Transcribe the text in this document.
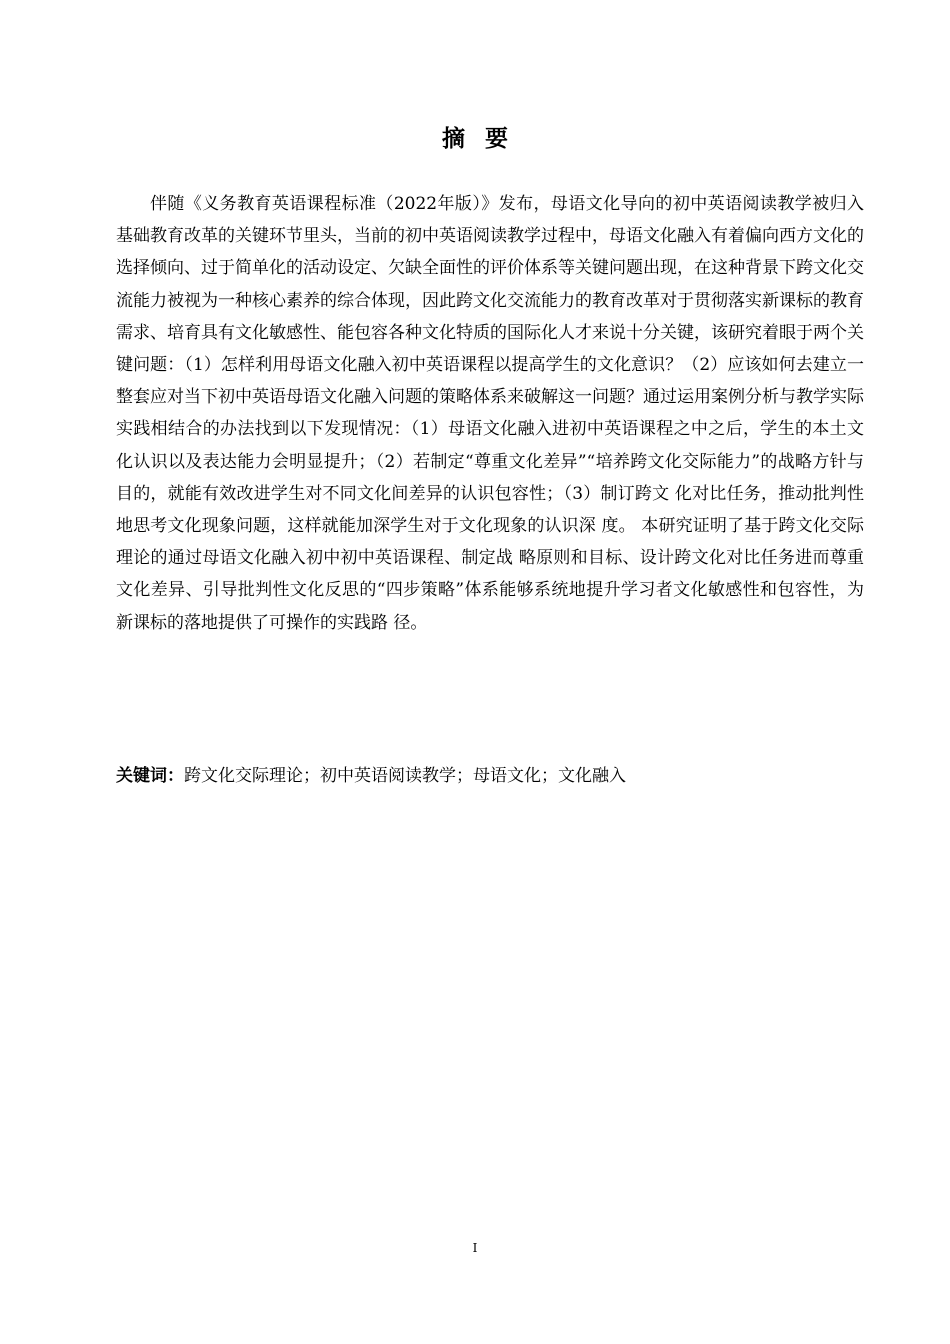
摘要

伴随《义务教育英语课程标准（2022年版）》发布，母语文化导向的初中英语阅读教学被归入基础教育改革的关键环节里头，当前的初中英语阅读教学过程中，母语文化融入有着偏向西方文化的选择倾向、过于简单化的活动设定、欠缺全面性的评价体系等关键问题出现，在这种背景下跨文化交流能力被视为一种核心素养的综合体现，因此跨文化交流能力的教育改革对于贯彻落实新课标的教育需求、培育具有文化敏感性、能包容各种文化特质的国际化人才来说十分关键，该研究着眼于两个关键问题：（1）怎样利用母语文化融入初中英语课程以提高学生的文化意识？（2）应该如何去建立一整套应对当下初中英语母语文化融入问题的策略体系来破解这一问题？通过运用案例分析与教学实际 实践相结合的办法找到以下发现情况：（1）母语文化融入进初中英语课程之中之后，学生的本土文化认识以及表达能力会明显提升；（2）若制定“尊重文化差异”“培养跨文化交际能力”的战略方针与目的，就能有效改进学生对不同文化间差异的认识包容性；（3）制订跨文 化对比任务，推动批判性地思考文化现象问题，这样就能加深学生对于文化现象的认识深 度。 本研究证明了基于跨文化交际理论的通过母语文化融入初中初中英语课程、制定战 略原则和目标、设计跨文化对比任务进而尊重文化差异、引导批判性文化反思的“四步策略”体系能够系统地提升学习者文化敏感性和包容性，为新课标的落地提供了可操作的实践路 径。

关键词：跨文化交际理论；初中英语阅读教学；母语文化；文化融入
I
